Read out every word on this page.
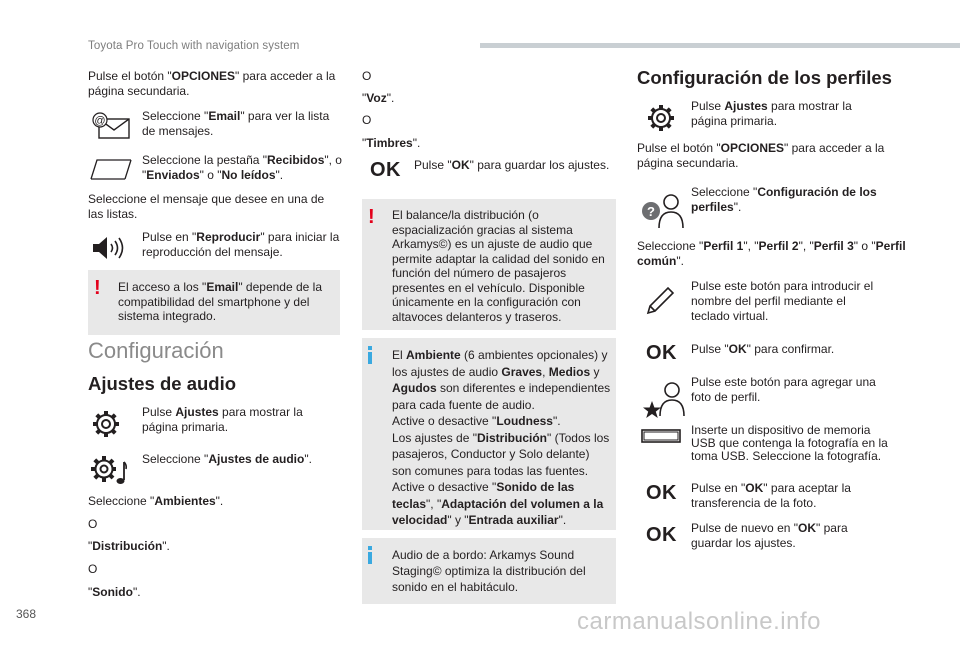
Toyota Pro Touch with navigation system
Pulse el botón "OPCIONES" para acceder a la página secundaria.
@	Seleccione "Email" para ver la lista de mensajes.
Seleccione la pestaña "Recibidos", o "Enviados" o "No leídos".
Seleccione el mensaje que desee en una de las listas.
Pulse en "Reproducir" para iniciar la reproducción del mensaje.
! El acceso a los "Email" depende de la compatibilidad del smartphone y del sistema integrado.
Configuración
Ajustes de audio
Pulse Ajustes para mostrar la página primaria.
Seleccione "Ajustes de audio".
Seleccione "Ambientes".
O
"Distribución".
O
"Sonido".
O
"Voz".
O
"Timbres".
OK Pulse "OK" para guardar los ajustes.
! El balance/la distribución (o espacialización gracias al sistema Arkamys©) es un ajuste de audio que permite adaptar la calidad del sonido en función del número de pasajeros presentes en el vehículo. Disponible únicamente en la configuración con altavoces delanteros y traseros.
El Ambiente (6 ambientes opcionales) y los ajustes de audio Graves, Medios y Agudos son diferentes e independientes para cada fuente de audio.
Active o desactive "Loudness".
Los ajustes de "Distribución" (Todos los pasajeros, Conductor y Solo delante) son comunes para todas las fuentes.
Active o desactive "Sonido de las teclas", "Adaptación del volumen a la velocidad" y "Entrada auxiliar".
Audio de a bordo: Arkamys Sound Staging© optimiza la distribución del sonido en el habitáculo.
Configuración de los perfiles
Pulse Ajustes para mostrar la página primaria.
Pulse el botón "OPCIONES" para acceder a la página secundaria.
?
Seleccione "Configuración de los perfiles".
Seleccione "Perfil 1", "Perfil 2", "Perfil 3" o "Perfil común".
Pulse este botón para introducir el nombre del perfil mediante el teclado virtual.
OK Pulse "OK" para confirmar.
Pulse este botón para agregar una foto de perfil.
Inserte un dispositivo de memoria USB que contenga la fotografía en la toma USB. Seleccione la fotografía.
OK Pulse en "OK" para aceptar la transferencia de la foto.
OK Pulse de nuevo en "OK" para guardar los ajustes.
368	carmanualsonline.info
